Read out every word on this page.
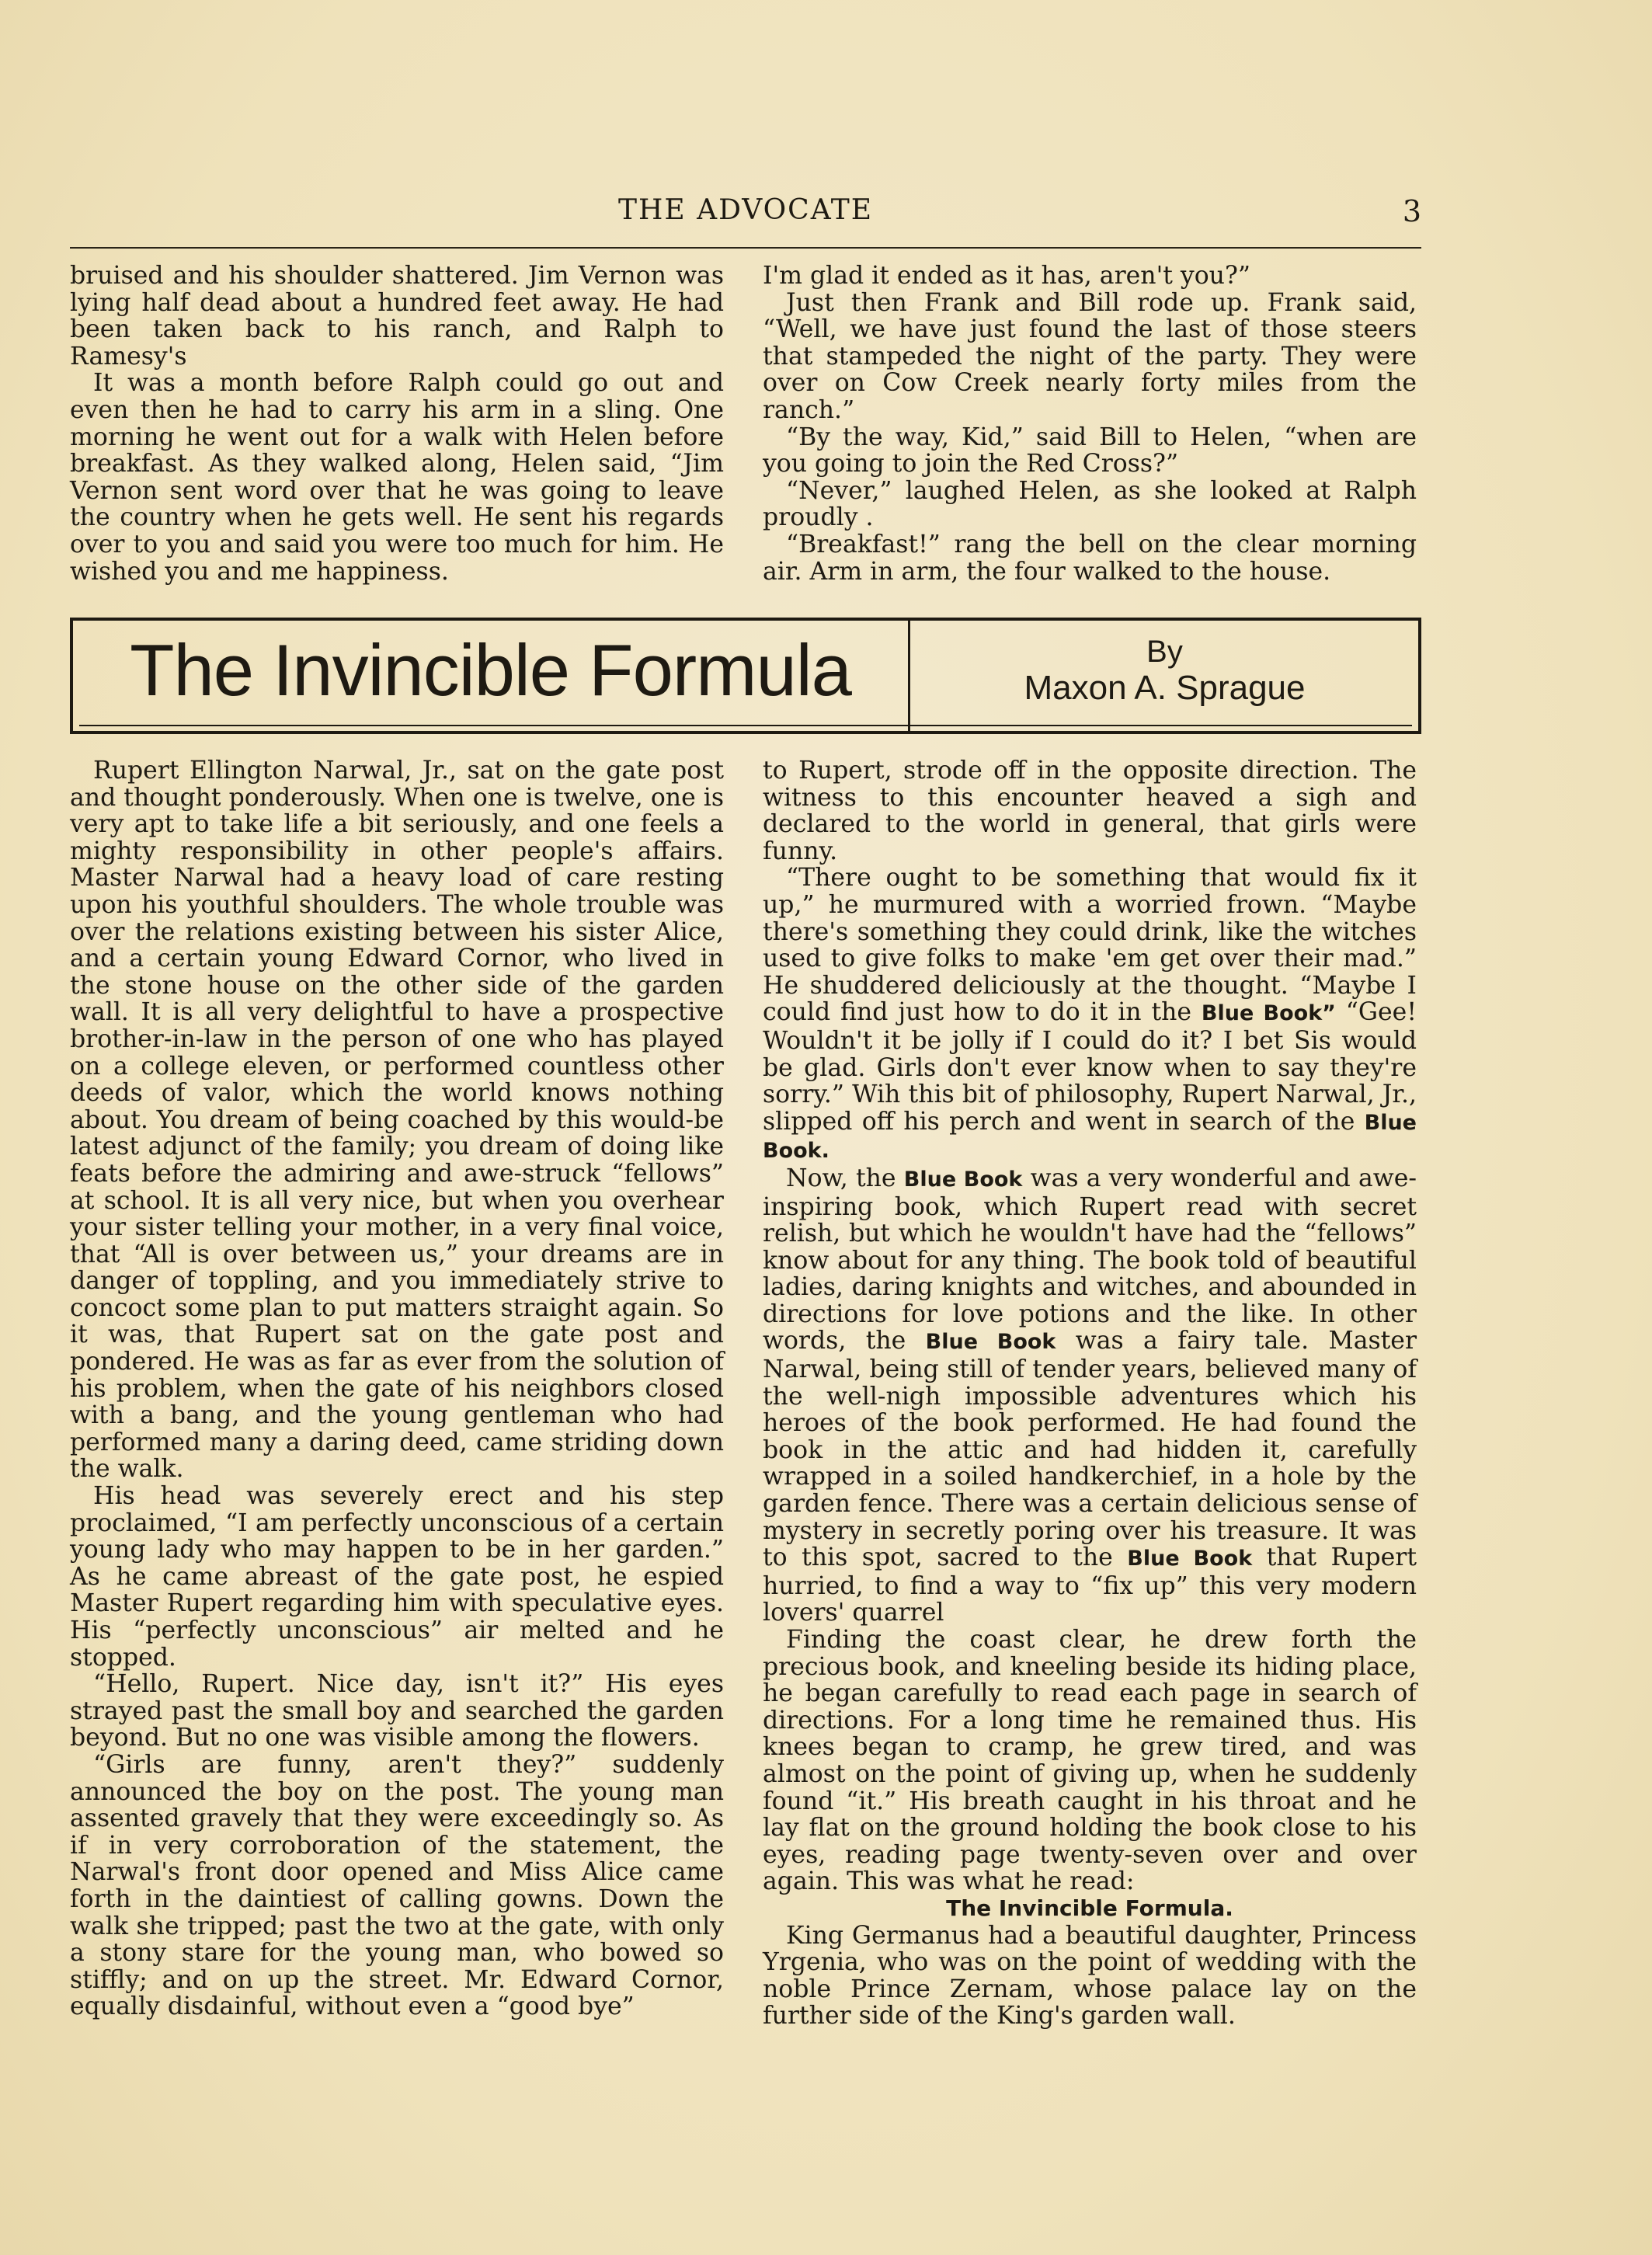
THE ADVOCATE	3

bruised and his shoulder shattered. Jim Vernon was lying half dead about a hundred feet away. He had been taken back to his ranch, and Ralph to Ramesy's

It was a month before Ralph could go out and even then he had to carry his arm in a sling. One morning he went out for a walk with Helen before breakfast. As they walked along, Helen said, “Jim Vernon sent word over that he was going to leave the country when he gets well. He sent his regards over to you and said you were too much for him. He wished you and me happiness.

I'm glad it ended as it has, aren't you?”

Just then Frank and Bill rode up. Frank said, “Well, we have just found the last of those steers that stampeded the night of the party. They were over on Cow Creek nearly forty miles from the ranch.”

“By the way, Kid,” said Bill to Helen, “when are you going to join the Red Cross?”

“Never,” laughed Helen, as she looked at Ralph proudly .

“Breakfast!” rang the bell on the clear morning air. Arm in arm, the four walked to the house.

The Invincible Formula	By
Maxon A. Sprague

Rupert Ellington Narwal, Jr., sat on the gate post and thought ponderously. When one is twelve, one is very apt to take life a bit seriously, and one feels a mighty responsibility in other people's affairs. Master Narwal had a heavy load of care resting upon his youthful shoulders. The whole trouble was over the relations existing between his sister Alice, and a certain young Edward Cornor, who lived in the stone house on the other side of the garden wall. It is all very delightful to have a prospective brother-in-law in the person of one who has played on a college eleven, or performed countless other deeds of valor, which the world knows nothing about. You dream of being coached by this would-be latest adjunct of the family; you dream of doing like feats before the admiring and awe-struck “fellows” at school. It is all very nice, but when you overhear your sister telling your mother, in a very final voice, that “All is over between us,” your dreams are in danger of toppling, and you immediately strive to concoct some plan to put matters straight again. So it was, that Rupert sat on the gate post and pondered. He was as far as ever from the solution of his problem, when the gate of his neighbors closed with a bang, and the young gentleman who had performed many a daring deed, came striding down the walk.

His head was severely erect and his step proclaimed, “I am perfectly unconscious of a certain young lady who may happen to be in her garden.” As he came abreast of the gate post, he espied Master Rupert regarding him with speculative eyes. His “perfectly unconscious” air melted and he stopped.

“Hello, Rupert. Nice day, isn't it?” His eyes strayed past the small boy and searched the garden beyond. But no one was visible among the flowers.

“Girls are funny, aren't they?” suddenly announced the boy on the post. The young man assented gravely that they were exceedingly so. As if in very corroboration of the statement, the Narwal's front door opened and Miss Alice came forth in the daintiest of calling gowns. Down the walk she tripped; past the two at the gate, with only a stony stare for the young man, who bowed so stiffly; and on up the street. Mr. Edward Cornor, equally disdainful, without even a “good bye”

to Rupert, strode off in the opposite direction. The witness to this encounter heaved a sigh and declared to the world in general, that girls were funny.

“There ought to be something that would fix it up,” he murmured with a worried frown. “Maybe there's something they could drink, like the witches used to give folks to make 'em get over their mad.” He shuddered deliciously at the thought. “Maybe I could find just how to do it in the Blue Book” “Gee! Wouldn't it be jolly if I could do it? I bet Sis would be glad. Girls don't ever know when to say they're sorry.” Wih this bit of philosophy, Rupert Narwal, Jr., slipped off his perch and went in search of the Blue Book.

Now, the Blue Book was a very wonderful and awe-inspiring book, which Rupert read with secret relish, but which he wouldn't have had the “fellows” know about for any thing. The book told of beautiful ladies, daring knights and witches, and abounded in directions for love potions and the like. In other words, the Blue Book was a fairy tale. Master Narwal, being still of tender years, believed many of the well-nigh impossible adventures which his heroes of the book performed. He had found the book in the attic and had hidden it, carefully wrapped in a soiled handkerchief, in a hole by the garden fence. There was a certain delicious sense of mystery in secretly poring over his treasure. It was to this spot, sacred to the Blue Book that Rupert hurried, to find a way to “fix up” this very modern lovers' quarrel

Finding the coast clear, he drew forth the precious book, and kneeling beside its hiding place, he began carefully to read each page in search of directions. For a long time he remained thus. His knees began to cramp, he grew tired, and was almost on the point of giving up, when he suddenly found “it.” His breath caught in his throat and he lay flat on the ground holding the book close to his eyes, reading page twenty-seven over and over again. This was what he read:

The Invincible Formula.

King Germanus had a beautiful daughter, Princess Yrgenia, who was on the point of wedding with the noble Prince Zernam, whose palace lay on the further side of the King's garden wall.
